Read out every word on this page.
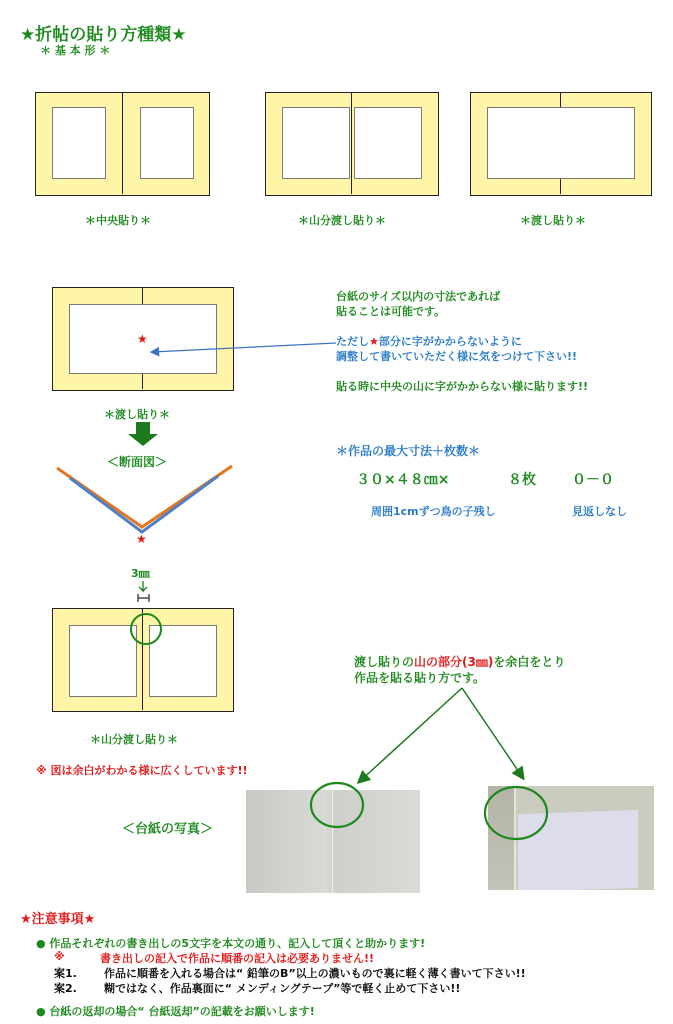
★折帖の貼り方種類★
＊ 基 本 形 ＊
＊中央貼り＊	＊山分渡し貼り＊	＊渡し貼り＊
★
＊渡し貼り＊
台紙のサイズ以内の寸法であれば
貼ることは可能です。
ただし★部分に字がかからないように
調整して書いていただく様に気をつけて下さい!!
貼る時に中央の山に字がかからない様に貼ります!!
＜断面図＞
★
＊作品の最大寸法＋枚数＊
３０×４８㎝×	８枚	０－０
周囲1cmずつ鳥の子残し	見返しなし
3㎜
＊山分渡し貼り＊
※ 図は余白がわかる様に広くしています!!
渡し貼りの山の部分(3㎜)を余白をとり
作品を貼る貼り方です。
＜台紙の写真＞
★注意事項★
● 作品それぞれの書き出しの5文字を本文の通り、記入して頂くと助かります!
※	書き出しの記入で作品に順番の記入は必要ありません!!
案1. 作品に順番を入れる場合は“ 鉛筆のB”以上の濃いもので裏に軽く薄く書いて下さい!!
案2. 糊ではなく、作品裏面に“ メンディングテープ”等で軽く止めて下さい!!
● 台紙の返却の場合“ 台紙返却”の記載をお願いします!
